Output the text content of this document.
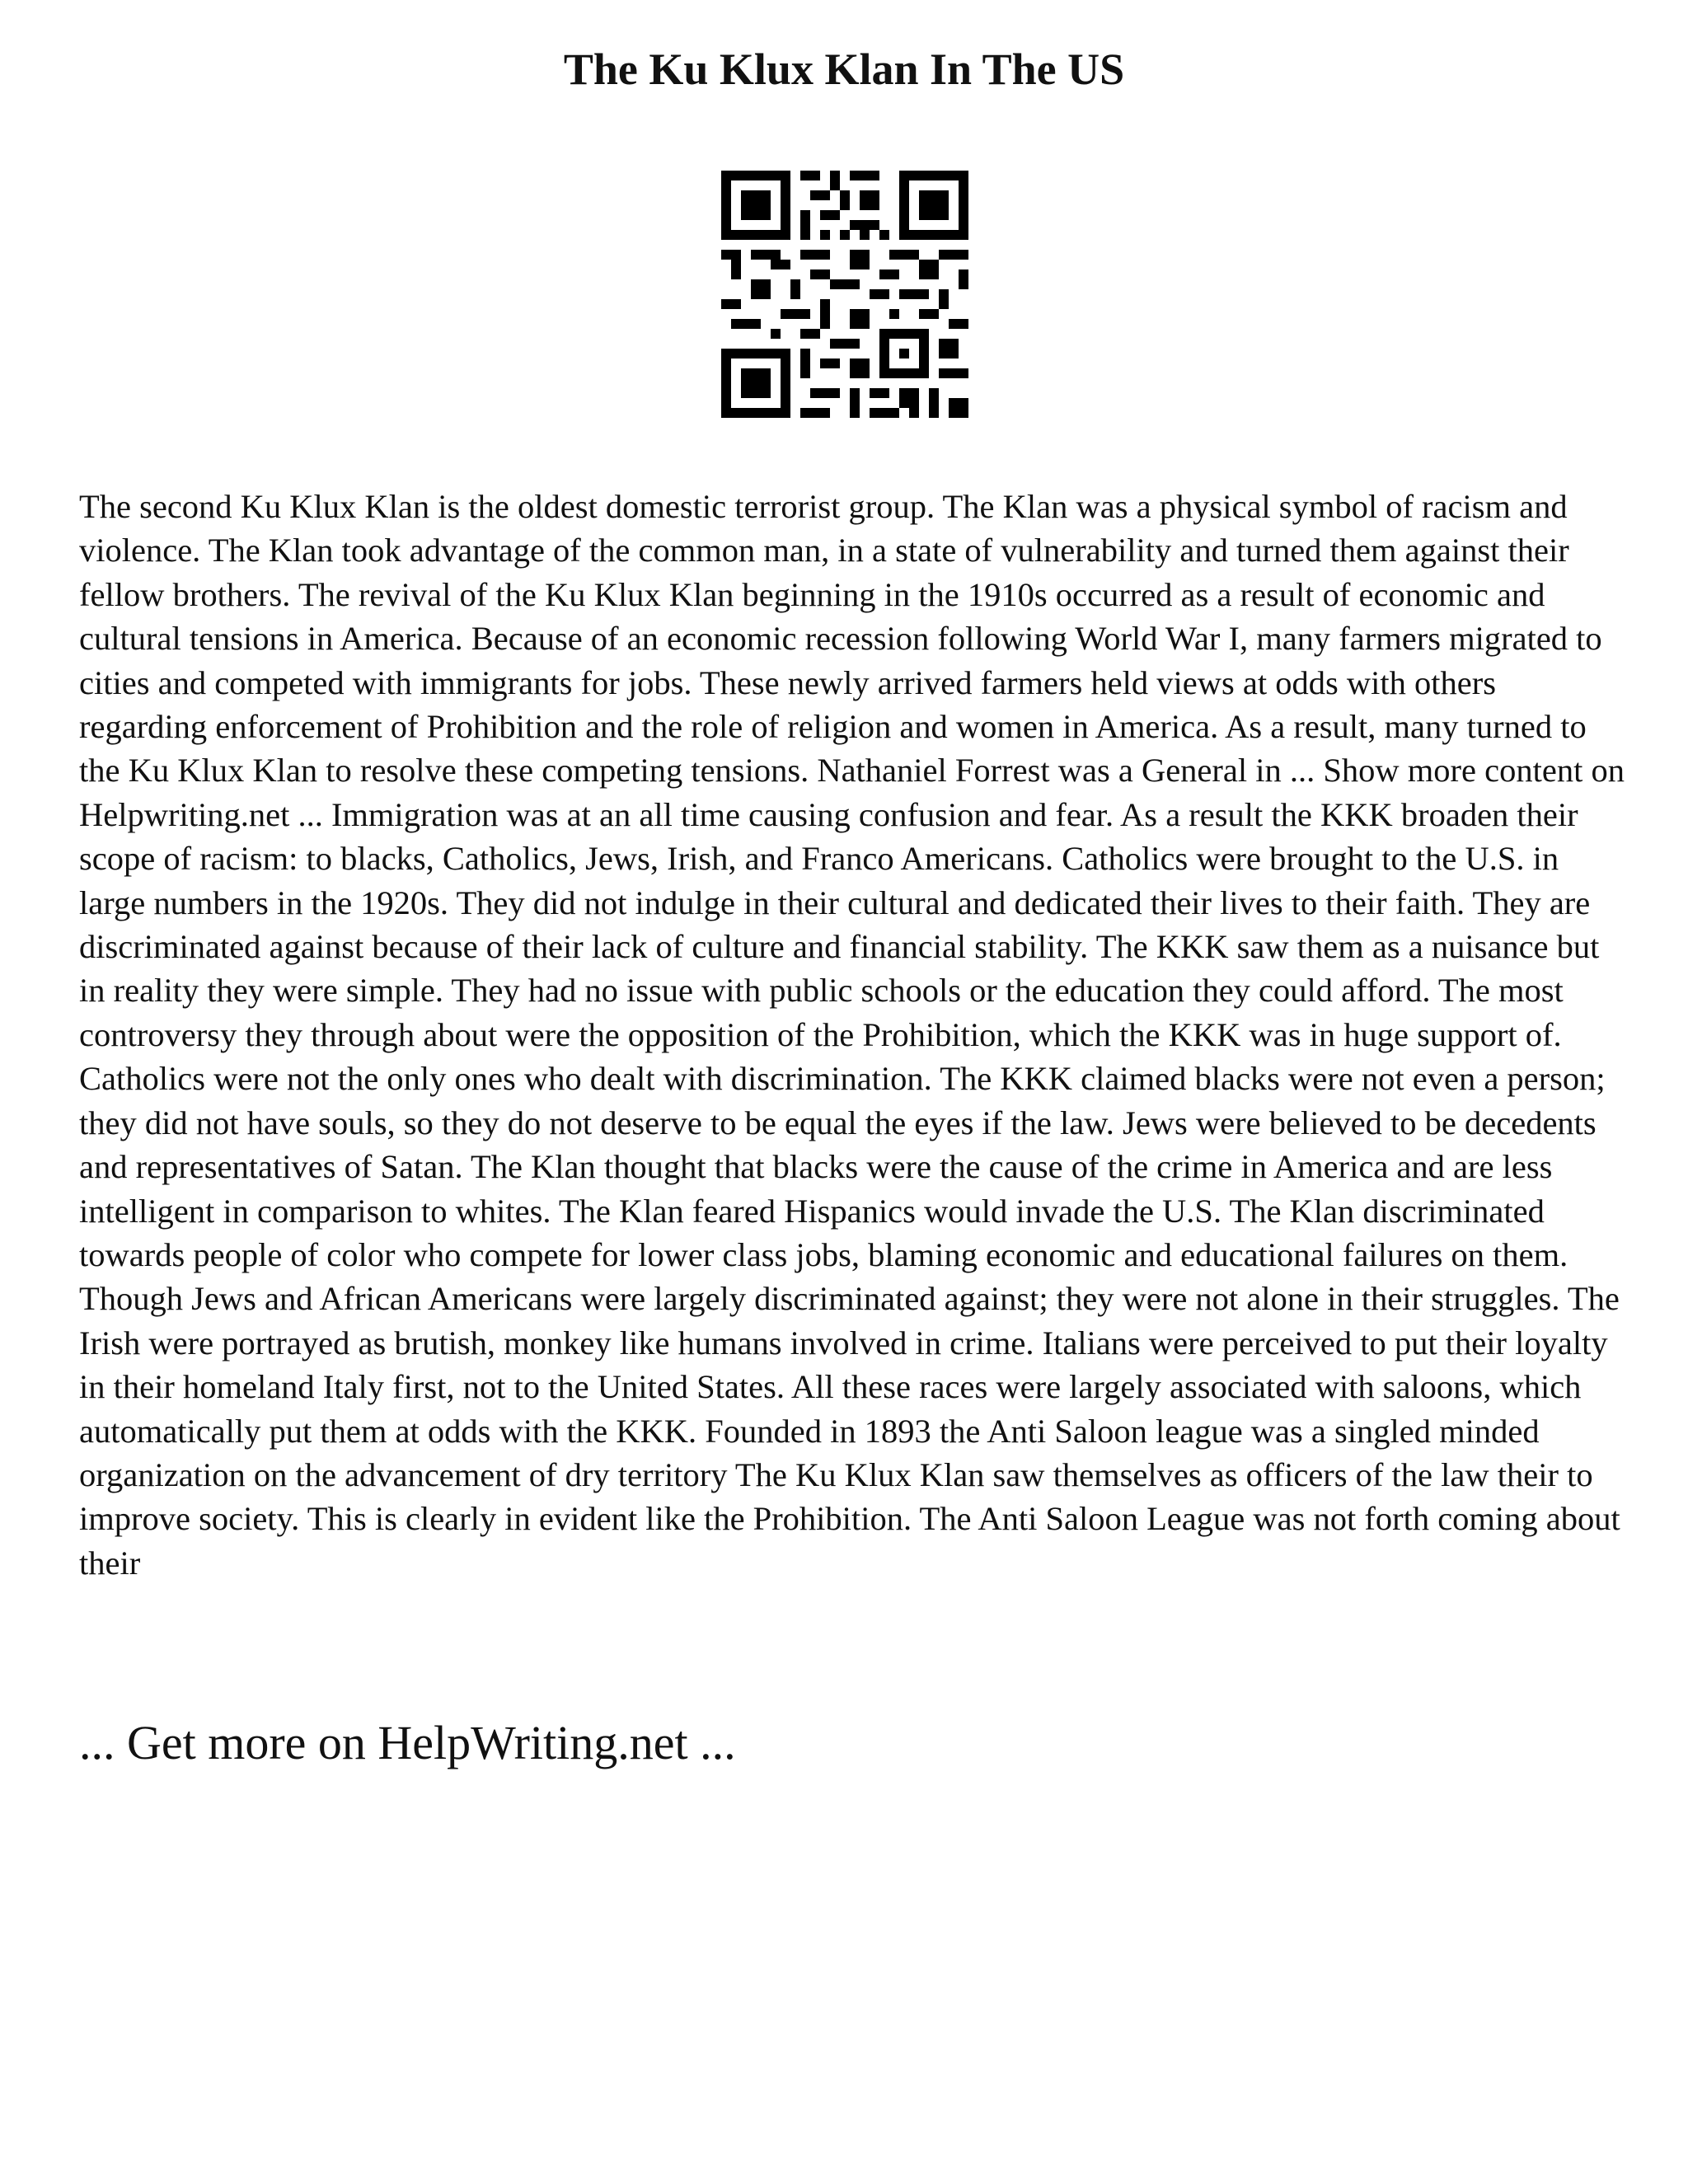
The Ku Klux Klan In The US

The second Ku Klux Klan is the oldest domestic terrorist group. The Klan was a physical symbol of racism and violence. The Klan took advantage of the common man, in a state of vulnerability and turned them against their fellow brothers. The revival of the Ku Klux Klan beginning in the 1910s occurred as a result of economic and cultural tensions in America. Because of an economic recession following World War I, many farmers migrated to cities and competed with immigrants for jobs. These newly arrived farmers held views at odds with others regarding enforcement of Prohibition and the role of religion and women in America. As a result, many turned to the Ku Klux Klan to resolve these competing tensions. Nathaniel Forrest was a General in ... Show more content on Helpwriting.net ... Immigration was at an all time causing confusion and fear. As a result the KKK broaden their scope of racism: to blacks, Catholics, Jews, Irish, and Franco Americans. Catholics were brought to the U.S. in large numbers in the 1920s. They did not indulge in their cultural and dedicated their lives to their faith. They are discriminated against because of their lack of culture and financial stability. The KKK saw them as a nuisance but in reality they were simple. They had no issue with public schools or the education they could afford. The most controversy they through about were the opposition of the Prohibition, which the KKK was in huge support of. Catholics were not the only ones who dealt with discrimination. The KKK claimed blacks were not even a person; they did not have souls, so they do not deserve to be equal the eyes if the law. Jews were believed to be decedents and representatives of Satan. The Klan thought that blacks were the cause of the crime in America and are less intelligent in comparison to whites. The Klan feared Hispanics would invade the U.S. The Klan discriminated towards people of color who compete for lower class jobs, blaming economic and educational failures on them. Though Jews and African Americans were largely discriminated against; they were not alone in their struggles. The Irish were portrayed as brutish, monkey like humans involved in crime. Italians were perceived to put their loyalty in their homeland Italy first, not to the United States. All these races were largely associated with saloons, which automatically put them at odds with the KKK. Founded in 1893 the Anti Saloon league was a singled minded organization on the advancement of dry territory The Ku Klux Klan saw themselves as officers of the law their to improve society. This is clearly in evident like the Prohibition. The Anti Saloon League was not forth coming about their

... Get more on HelpWriting.net ...
